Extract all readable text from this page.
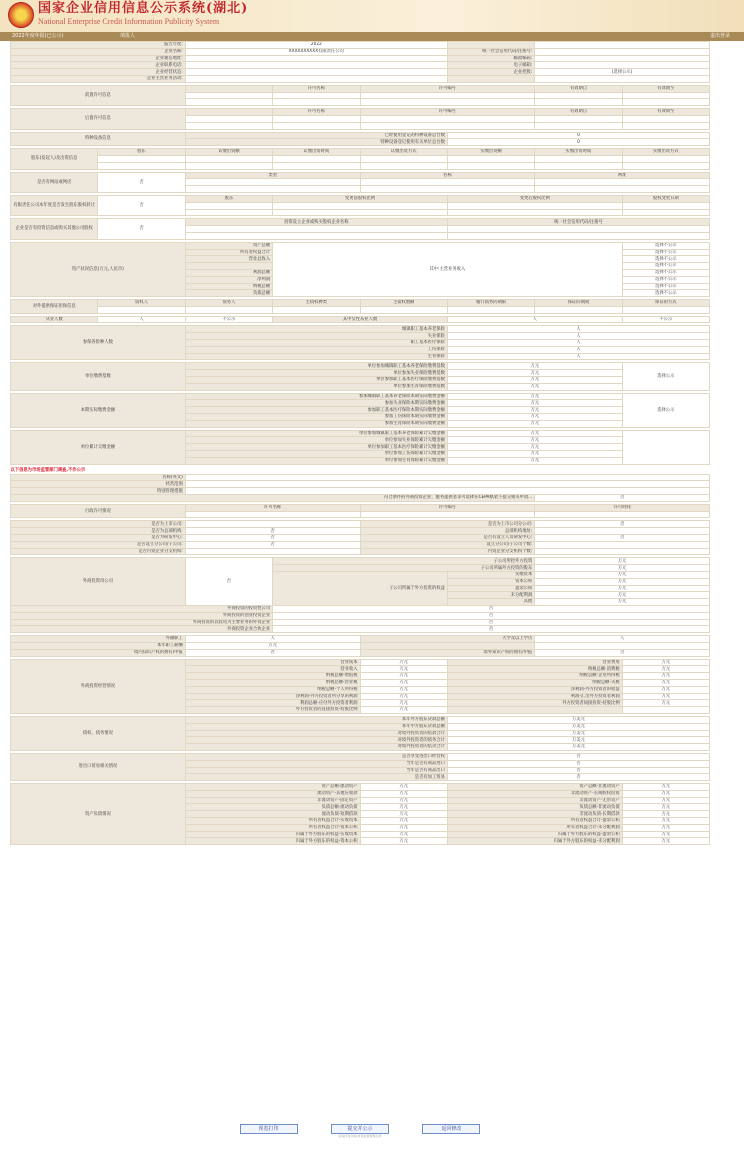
国家企业信用信息公示系统(湖北)
National Enterprise Credit Information Publicity System
2022年度年报(已公示)	填报人	退出登录
报告年度:		2022					
企业名称:		XXXXXXXXXX有限责任公司			统一社会信用代码/注册号:		
企业通信地址:					邮政编码:		
企业联系电话:					电子邮箱:		
企业经营状态:					企业控股:	(选择公示)	
企业主营业务活动:							

前置许可信息			许可名称	许可编号		有效期自	有效期至

后置许可信息			许可名称	许可编号		有效期自	有效期至

特种设备信息		已经使用登记的特种设备总台数			0		
		特种设备登记使用有关单位总台数			0		

股东(发起人)及出资信息	股东	认缴出资额	认缴出资时间	认缴出资方式	实缴出资额	实缴出资时间	实缴出资方式

是否有网站或网店	否	类型		名称		网址	

有限责任公司本年度是否发生股东股权转让	否	股东	变更前股权比例		变更后股权比例		股权变更日期

企业是否有投资信息或购买其他公司股权	否	投资设立企业或购买股权企业名称			统一社会信用代码/注册号		

资产状况信息(万元,人民币)		资产总额	其中:主营业务收入				选择不公示
		所有者权益合计					选择不公示
		营业总收入					选择不公示
							选择不公示
		利润总额					选择不公示
		净利润					选择不公示
		纳税总额					选择不公示
		负债总额					选择不公示

对外提供保证担保信息	债权人	债务人	主债权种类	主债权数额	履行债务的期限	保证的期间	保证的方式

从业人数	人	不公示	其中女性从业人数		人		不公示

参保各险种人数		城镇职工基本养老保险			人		
		失业保险			人		
		职工基本医疗保险			人		
		工伤保险			人		
		生育保险			人		

单位缴费基数		单位参加城镇职工基本养老保险缴费基数			万元		选择公示
		单位参加失业保险缴费基数			万元		
		单位参加职工基本医疗保险缴费基数			万元		
		单位参加生育保险缴费基数			万元		

本期实际缴费金额		参加城镇职工基本养老保险本期实际缴费金额			万元		选择公示
		参加失业保险本期实际缴费金额			万元		
		参加职工基本医疗保险本期实际缴费金额			万元		
		参加工伤保险本期实际缴费金额			万元		
		参加生育保险本期实际缴费金额			万元		

单位累计欠缴金额		单位参加城镇职工基本养老保险累计欠缴金额			万元		
		单位参加失业保险累计欠缴金额			万元		
		单位参加职工基本医疗保险累计欠缴金额			万元		
		单位参加工伤保险累计欠缴金额			万元		
		单位参加生育保险累计欠缴金额			万元		

以下信息为市场监管部门调查,不作公示							
名称(英文)							
经营范围							
特别管理措施							
符合条件的外商投资企业、服务提供者等可选择在CEPA框架下提交相关申请...						否	

行政许可情况		许可名称		许可编号		许可时间	

是否为上市公司:				是否为上市公司分公司:		否	
是否为总部机构:		否		总部机构地址:			
是否为研发中心:		否		是否有设立人员研发中心:		否	
是否设立分公司/子公司:		否		设立分公司/子公司个数:			
是否内资企业分支机构:				内资企业分支机构个数:			

外商投资母公司		否	子公司所控外方投资			万元	
			子公司所属外方投资的股东			万元	
			子公司所属于外方投资的权益		实缴资本	万元	
					资本公积	万元	
					盈余公积	万元	
					未分配利润	万元	
					其他	万元	
外商投资的投资性公司			否				
外商投资的创业投资企业			否				
外商投资的以投资为主要业务的外资企业			否				
外商投资企业合伙企业			否				

外籍职工		人		大学及以上学历		人	
本年职工薪酬		万元					
境内知识产权的拥有/申报		否		境外知识产权的拥有/申报		否	

外商投资经营情况		营业成本		万元	营业费用		万元
		营业收入		万元	纳税总额-消费税		万元
		纳税总额-增值税		万元	纳税总额-企业所得税		万元
		纳税总额-营业税		万元	纳税总额-关税		万元
		纳税总额-个人所得税		万元	净利润-外方投资者的收益		万元
		净利润-外方投资者所分享的利润		万元	利润-汇出外方投资者利润		万元
		利润总额-应付外方投资者利润		万元	外方投资者间接投资-持股比例		万元
		外方投资者的直接投资-持股比例		万元			

债权、债务情况		本年外方股东贷款总额			万美元		
		本年中方股东贷款总额			万美元		
		对境外投资者的借款合计			万美元		
		对境外投资者的债务合计			万美元		
		对境外投资者的借贷合计			万美元		

进出口贸易相关情况		是否享受进出口经营权			否		
		当年是否有商品进口			否		
		当年是否有商品出口			否		
		是否有加工贸易			否		

资产负债情况		资产总额-流动资产		万元	资产总额-非流动资产		万元
		流动资产-其他应收款		万元	非流动资产-长期股权投资		万元
		非流动资产-固定资产		万元	非流动资产-无形资产		万元
		负债总额-流动负债		万元	负债总额-非流动负债		万元
		流动负债-短期借款		万元	非流动负债-长期借款		万元
		所有者权益合计-实收资本		万元	所有者权益合计-盈余公积		万元
		所有者权益合计-资本公积		万元	所有者权益合计-未分配利润		万元
		归属于外方股东的权益-实收资本		万元	归属于外方股东的权益-盈余公积		万元
		归属于外方股东的权益-资本公积		万元	归属于外方股东的权益-未分配利润		万元
预览打印	提交并公示	返回修改
版权所有:国家市场监督管理总局
